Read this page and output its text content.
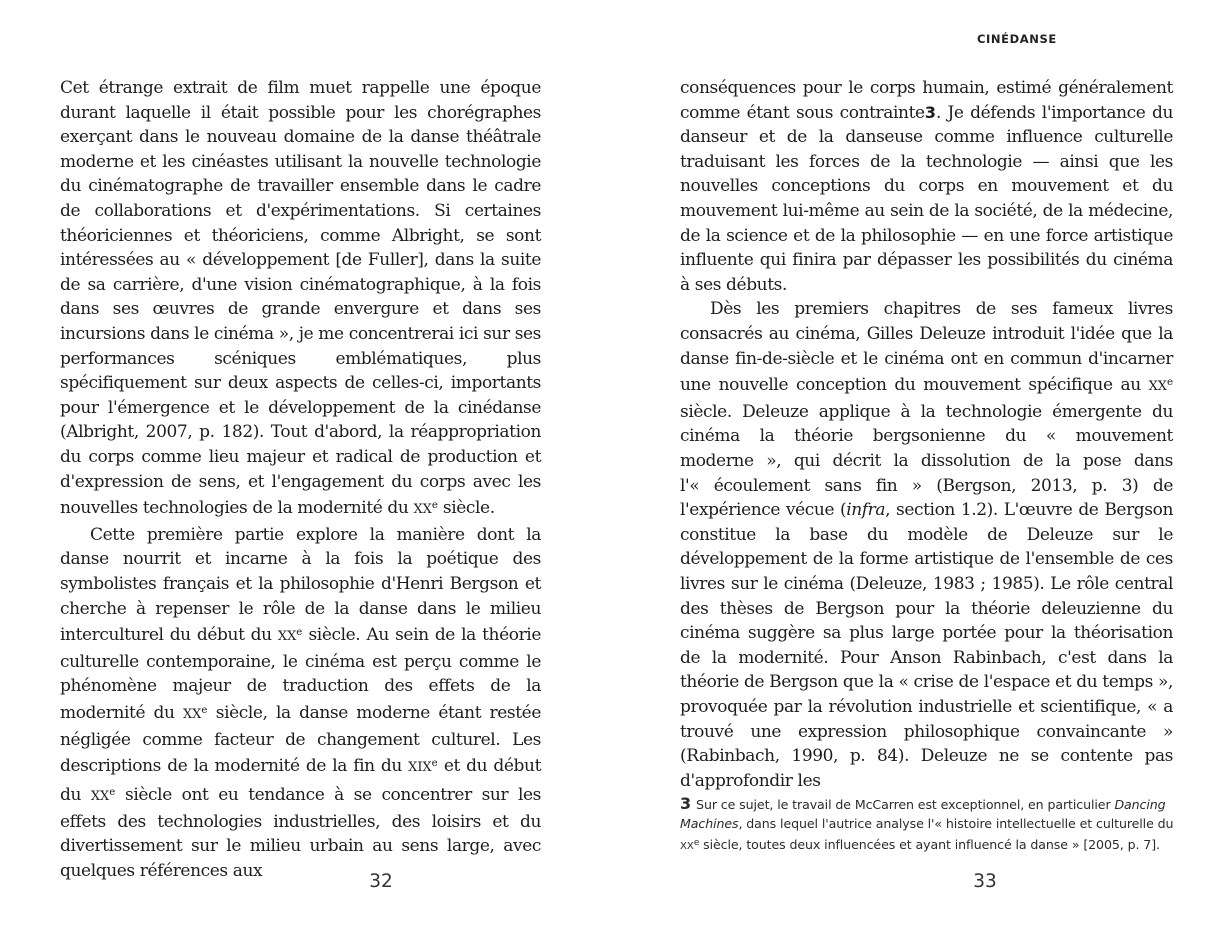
Cet étrange extrait de film muet rappelle une époque durant laquelle il était possible pour les chorégraphes exerçant dans le nouveau domaine de la danse théâtrale moderne et les cinéastes utilisant la nouvelle technologie du cinématographe de travailler ensemble dans le cadre de collaborations et d'expérimentations. Si certaines théoriciennes et théoriciens, comme Albright, se sont intéressées au « développement [de Fuller], dans la suite de sa carrière, d'une vision cinématographique, à la fois dans ses œuvres de grande envergure et dans ses incursions dans le cinéma », je me concentrerai ici sur ses performances scéniques emblématiques, plus spécifiquement sur deux aspects de celles-ci, importants pour l'émergence et le développement de la cinédanse (Albright, 2007, p. 182). Tout d'abord, la réappropriation du corps comme lieu majeur et radical de production et d'expression de sens, et l'engagement du corps avec les nouvelles technologies de la modernité du XXe siècle.

Cette première partie explore la manière dont la danse nourrit et incarne à la fois la poétique des symbolistes français et la philosophie d'Henri Bergson et cherche à repenser le rôle de la danse dans le milieu interculturel du début du XXe siècle. Au sein de la théorie culturelle contemporaine, le cinéma est perçu comme le phénomène majeur de traduction des effets de la modernité du XXe siècle, la danse moderne étant restée négligée comme facteur de changement culturel. Les descriptions de la modernité de la fin du XIXe et du début du XXe siècle ont eu tendance à se concentrer sur les effets des technologies industrielles, des loisirs et du divertissement sur le milieu urbain au sens large, avec quelques références aux

CINÉDANSE

conséquences pour le corps humain, estimé généralement comme étant sous contrainte3. Je défends l'importance du danseur et de la danseuse comme influence culturelle traduisant les forces de la technologie — ainsi que les nouvelles conceptions du corps en mouvement et du mouvement lui-même au sein de la société, de la médecine, de la science et de la philosophie — en une force artistique influente qui finira par dépasser les possibilités du cinéma à ses débuts.

Dès les premiers chapitres de ses fameux livres consacrés au cinéma, Gilles Deleuze introduit l'idée que la danse fin-de-siècle et le cinéma ont en commun d'incarner une nouvelle conception du mouvement spécifique au XXe siècle. Deleuze applique à la technologie émergente du cinéma la théorie bergsonienne du « mouvement moderne », qui décrit la dissolution de la pose dans l'« écoulement sans fin » (Bergson, 2013, p. 3) de l'expérience vécue (infra, section 1.2). L'œuvre de Bergson constitue la base du modèle de Deleuze sur le développement de la forme artistique de l'ensemble de ces livres sur le cinéma (Deleuze, 1983 ; 1985). Le rôle central des thèses de Bergson pour la théorie deleuzienne du cinéma suggère sa plus large portée pour la théorisation de la modernité. Pour Anson Rabinbach, c'est dans la théorie de Bergson que la « crise de l'espace et du temps », provoquée par la révolution industrielle et scientifique, « a trouvé une expression philosophique convaincante » (Rabinbach, 1990, p. 84). Deleuze ne se contente pas d'approfondir les

3 Sur ce sujet, le travail de McCarren est exceptionnel, en particulier Dancing Machines, dans lequel l'autrice analyse l'« histoire intellectuelle et culturelle du XXe siècle, toutes deux influencées et ayant influencé la danse » [2005, p. 7].
32	33
